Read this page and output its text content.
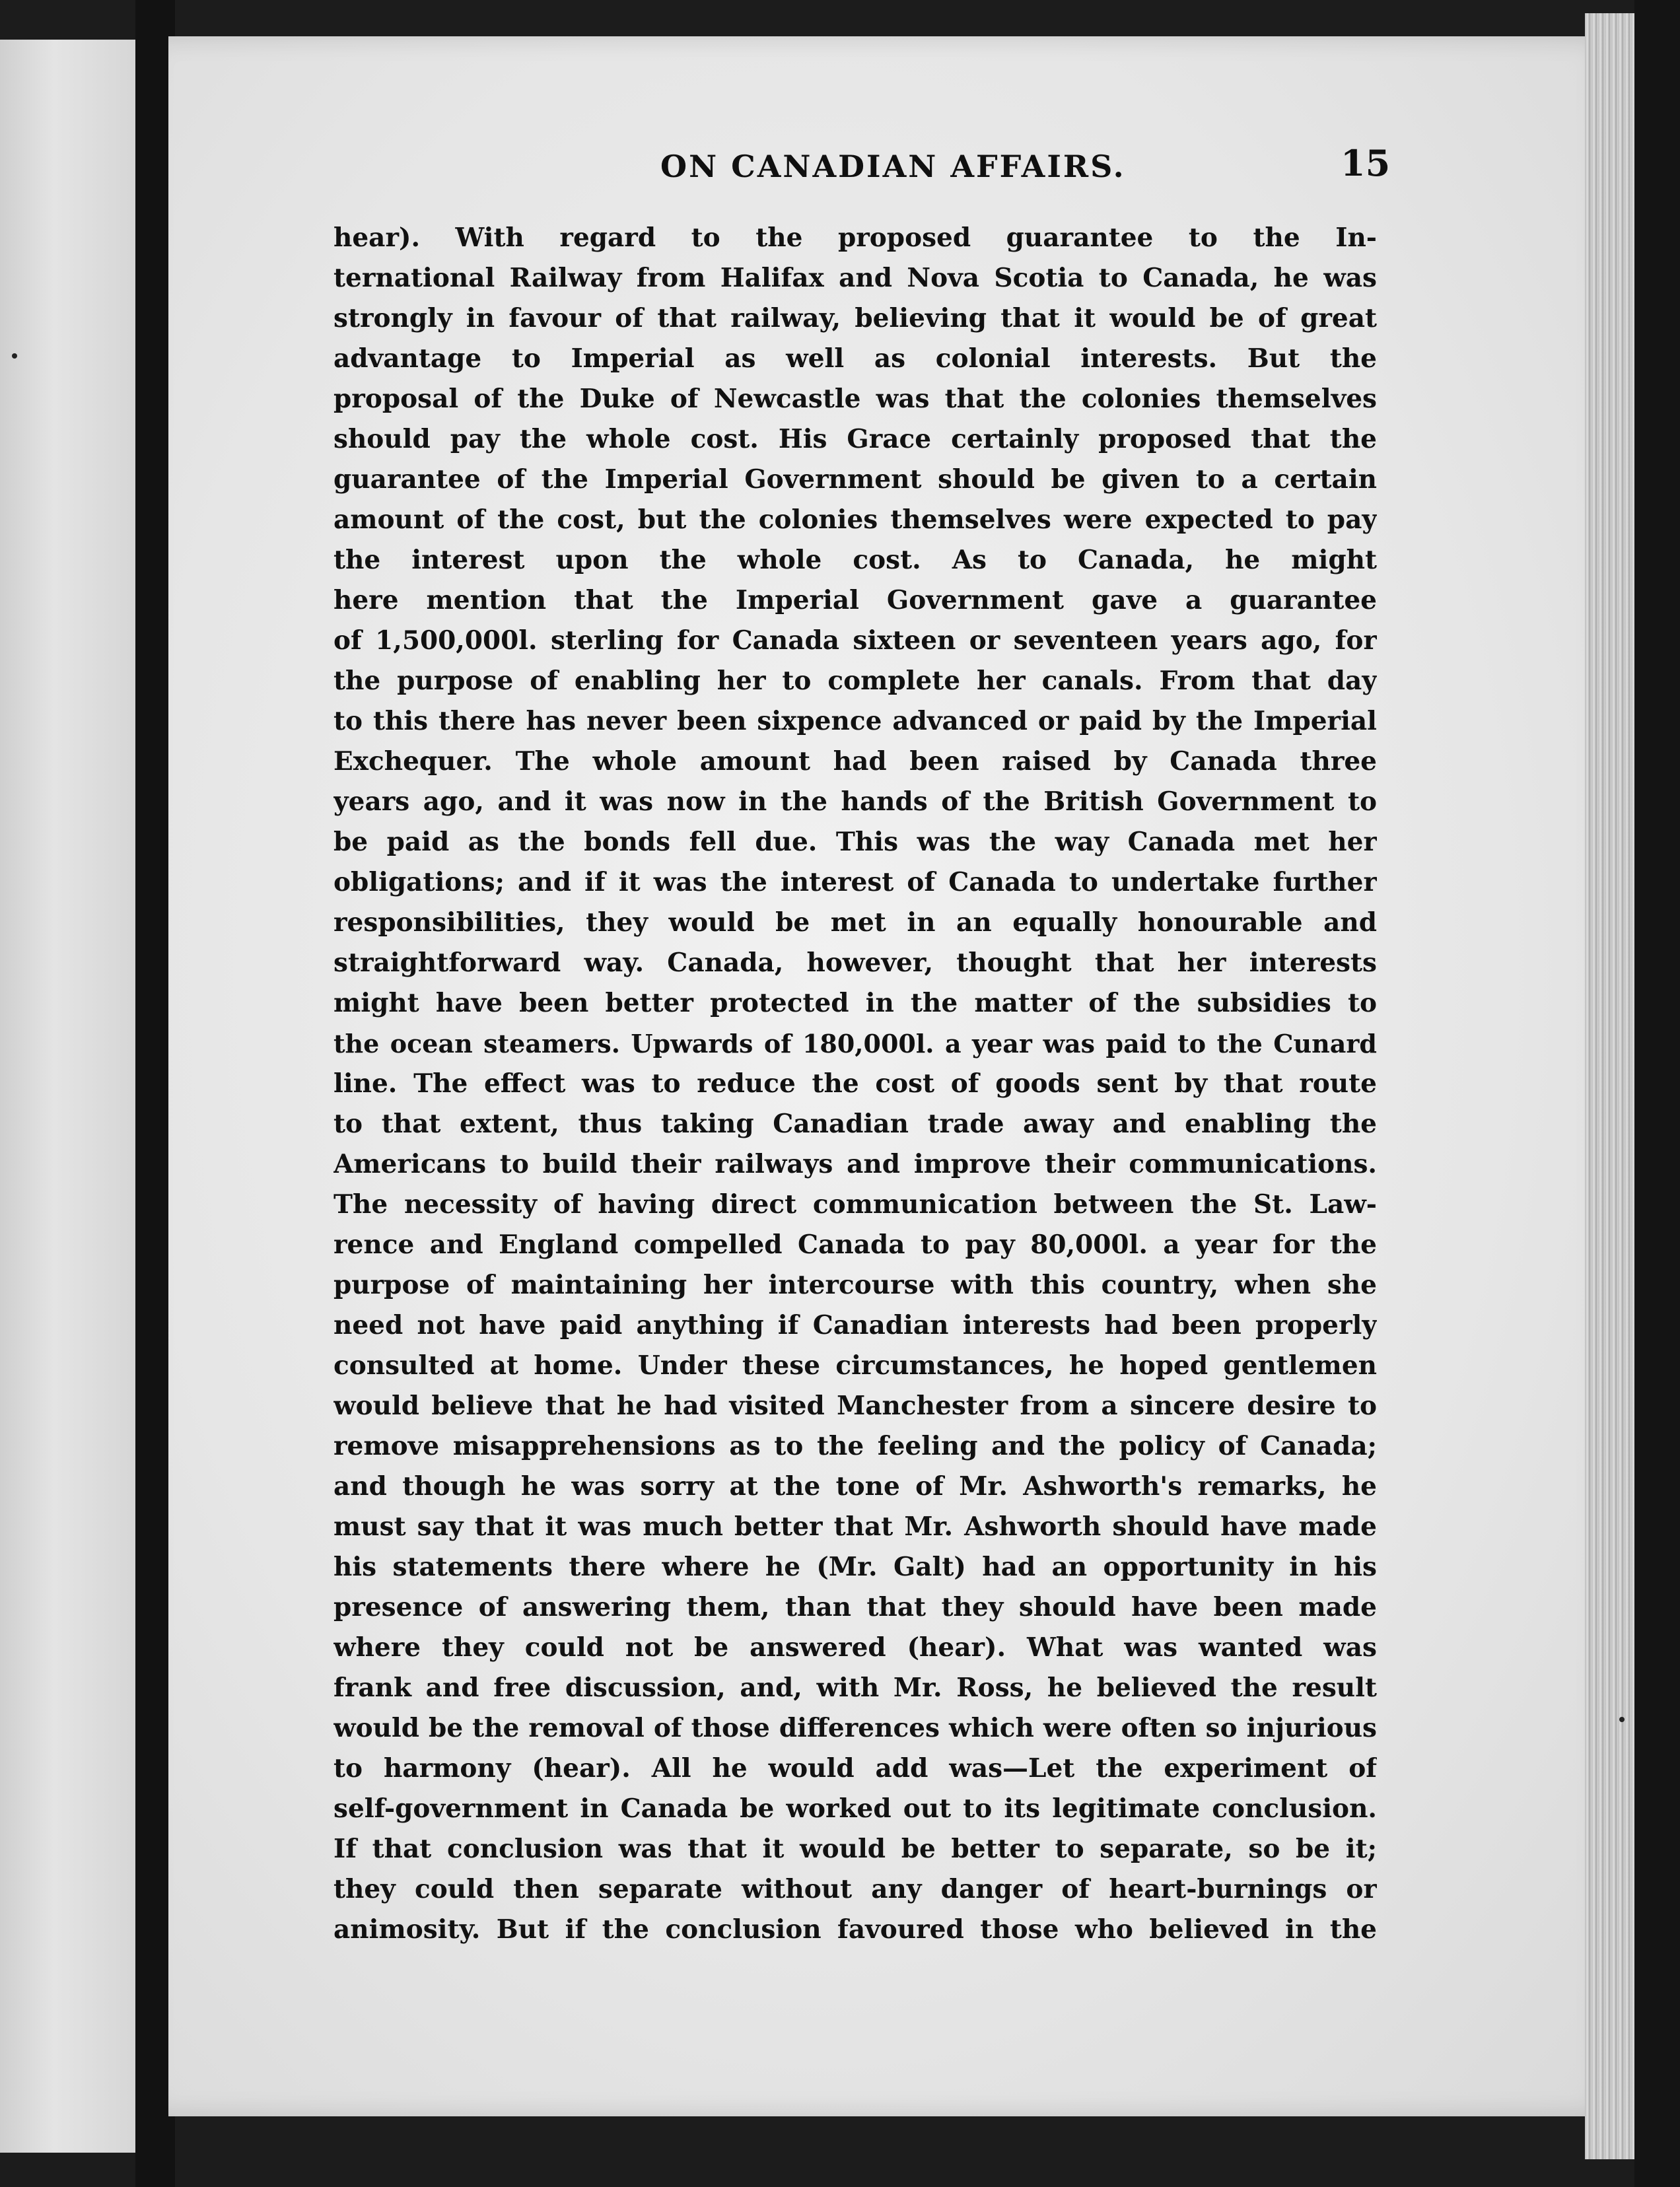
ON CANADIAN AFFAIRS.	15
hear). With regard to the proposed guarantee to the In-
ternational Railway from Halifax and Nova Scotia to Canada, he was
strongly in favour of that railway, believing that it would be of great
advantage to Imperial as well as colonial interests. But the
proposal of the Duke of Newcastle was that the colonies themselves
should pay the whole cost. His Grace certainly proposed that the
guarantee of the Imperial Government should be given to a certain
amount of the cost, but the colonies themselves were expected to pay
the interest upon the whole cost. As to Canada, he might
here mention that the Imperial Government gave a guarantee
of 1,500,000l. sterling for Canada sixteen or seventeen years ago, for
the purpose of enabling her to complete her canals. From that day
to this there has never been sixpence advanced or paid by the Imperial
Exchequer. The whole amount had been raised by Canada three
years ago, and it was now in the hands of the British Government to
be paid as the bonds fell due. This was the way Canada met her
obligations; and if it was the interest of Canada to undertake further
responsibilities, they would be met in an equally honourable and
straightforward way. Canada, however, thought that her interests
might have been better protected in the matter of the subsidies to
the ocean steamers. Upwards of 180,000l. a year was paid to the Cunard
line. The effect was to reduce the cost of goods sent by that route
to that extent, thus taking Canadian trade away and enabling the
Americans to build their railways and improve their communications.
The necessity of having direct communication between the St. Law-
rence and England compelled Canada to pay 80,000l. a year for the
purpose of maintaining her intercourse with this country, when she
need not have paid anything if Canadian interests had been properly
consulted at home. Under these circumstances, he hoped gentlemen
would believe that he had visited Manchester from a sincere desire to
remove misapprehensions as to the feeling and the policy of Canada;
and though he was sorry at the tone of Mr. Ashworth's remarks, he
must say that it was much better that Mr. Ashworth should have made
his statements there where he (Mr. Galt) had an opportunity in his
presence of answering them, than that they should have been made
where they could not be answered (hear). What was wanted was
frank and free discussion, and, with Mr. Ross, he believed the result
would be the removal of those differences which were often so injurious
to harmony (hear). All he would add was—Let the experiment of
self-government in Canada be worked out to its legitimate conclusion.
If that conclusion was that it would be better to separate, so be it;
they could then separate without any danger of heart-burnings or
animosity. But if the conclusion favoured those who believed in the
